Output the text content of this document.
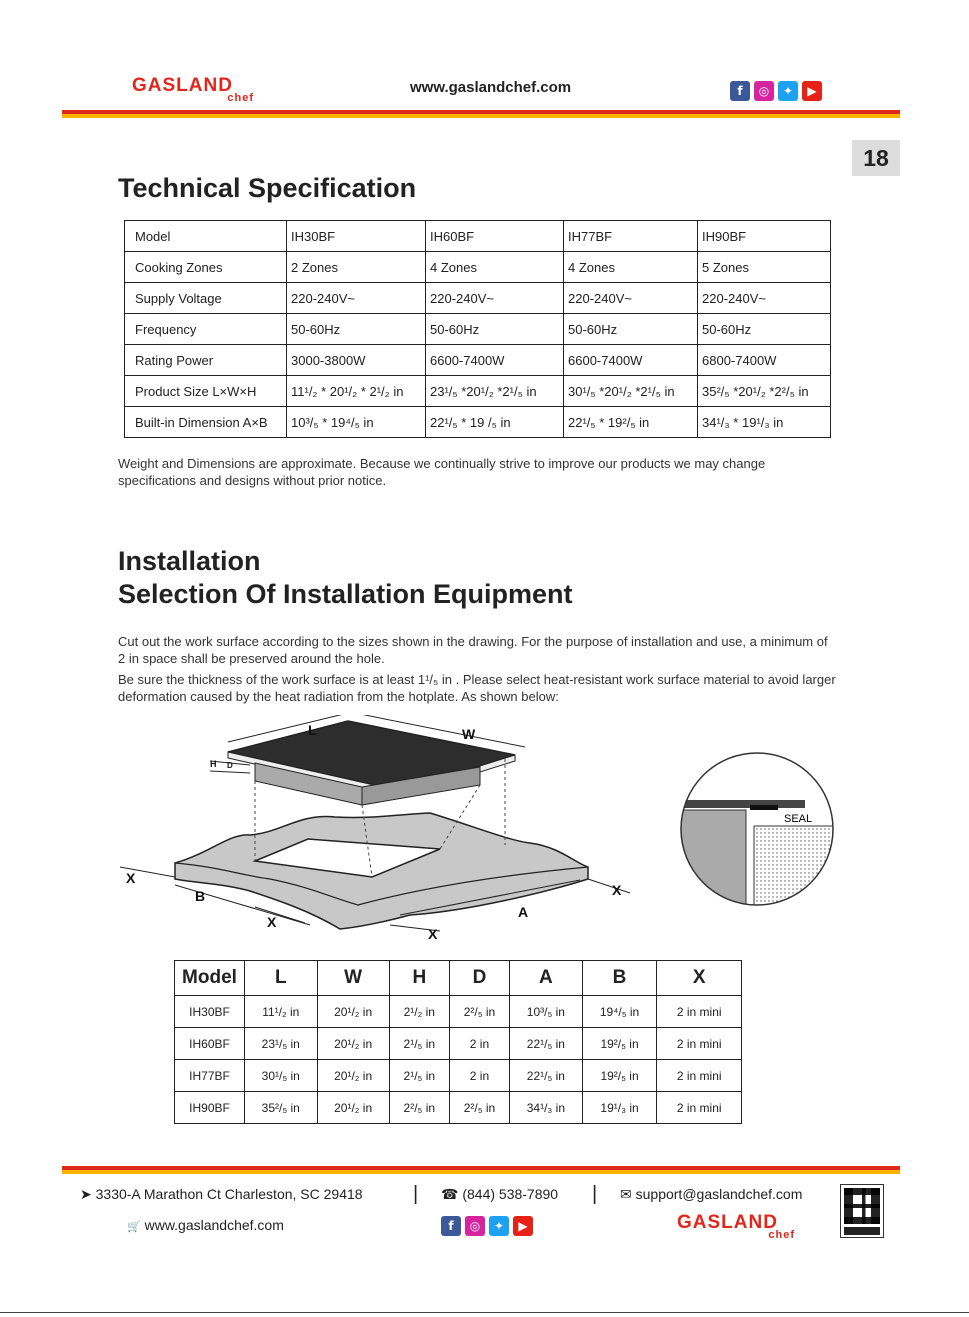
GASLAND
chef
www.gaslandchef.com	f	◎	✦	▶
18
Technical Specification
Model	IH30BF	IH60BF	IH77BF	IH90BF
Cooking Zones	2 Zones	4 Zones	4 Zones	5 Zones
Supply Voltage	220-240V~	220-240V~	220-240V~	220-240V~
Frequency	50-60Hz	50-60Hz	50-60Hz	50-60Hz
Rating Power	3000-3800W	6600-7400W	6600-7400W	6800-7400W
Product Size L×W×H	11¹/₂ * 20¹/₂ * 2¹/₂ in	23¹/₅ *20¹/₂ *2¹/₅ in	30¹/₅ *20¹/₂ *2¹/₅ in	35²/₅ *20¹/₂ *2²/₅ in
Built-in Dimension A×B	10³/₅ * 19⁴/₅ in	22¹/₅ * 19 /₅ in	22¹/₅ * 19²/₅ in	34¹/₃ * 19¹/₃ in
Weight and Dimensions are approximate. Because we continually strive to improve our products we may change specifications and designs without prior notice.
Installation
Selection Of Installation Equipment
Cut out the work surface according to the sizes shown in the drawing. For the purpose of installation and use, a minimum of 2 in space shall be preserved around the hole.
Be sure the thickness of the work surface is at least 1¹/₅ in . Please select heat-resistant work surface material to avoid larger deformation caused by the heat radiation from the hotplate. As shown below:
L	W
H D
X
B
X
X
A
X
SEAL
Model	L	W	H	D	A	B	X
IH30BF	11¹/₂ in	20¹/₂ in	2¹/₂ in	2²/₅ in	10³/₅ in	19⁴/₅ in	2 in mini
IH60BF	23¹/₅ in	20¹/₂ in	2¹/₅ in	2 in	22¹/₅ in	19²/₅ in	2 in mini
IH77BF	30¹/₅ in	20¹/₂ in	2¹/₅ in	2 in	22¹/₅ in	19²/₅ in	2 in mini
IH90BF	35²/₅ in	20¹/₂ in	2²/₅ in	2²/₅ in	34¹/₃ in	19¹/₃ in	2 in mini
➤ 3330-A Marathon Ct Charleston, SC 29418	| ☎ (844) 538-7890 | ✉ support@gaslandchef.com
🛒 www.gaslandchef.com	f	◎	✦	▶	GASLAND
chef
